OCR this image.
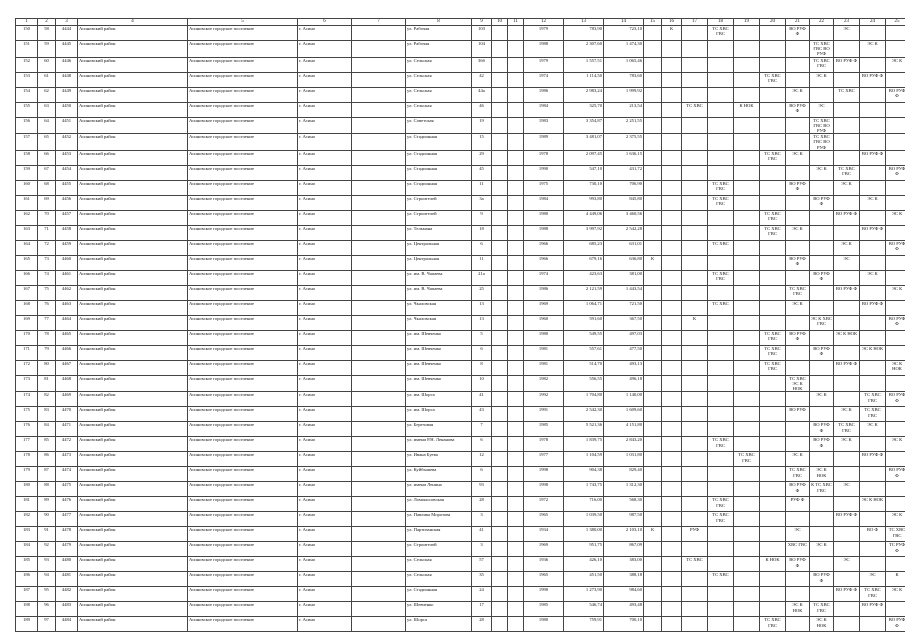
1	2	3	4	5	6	7	8	9	10	11	12	13	14	15	16	17	18	19	20	21	22	23	24	25
150	58	4444	Асиновский район	Асиновское городское поселение	г. Асино		ул. Рабочая	103			1979	783,90	723,10		К		ТС ХВС ГВС			ВО РУФ Ф		ЭС		
151	59	4445	Асиновский район	Асиновское городское поселение	г. Асино		ул. Рабочая	104			1988	2 307,60	1 474,30								ТС ХВС ГВС ВО РУФ		ЭС К	
152	60	4446	Асиновский район	Асиновское городское поселение	г. Асино		ул. Сельская	36б			1979	1 557,51	1 065,46								ТС ХВС ГВС	ВО РУФ Ф		ЭС К
153	61	4448	Асиновский район	Асиновское городское поселение	г. Асино		ул. Сельская	42			1974	1 114,50	783,60						ТС ХВС ГВС		ЭС К		ВО РУФ Ф	
154	62	4449	Асиновский район	Асиновское городское поселение	г. Асино		ул. Сельская	44а			1986	2 983,24	1 999,92							ЭС К		ТС ХВС		ВО РУФ Ф
155	63	4450	Асиновский район	Асиновское городское поселение	г. Асино		ул. Сельская	46			1984	325,70	213,54			ТС ХВС		К НОК		ВО РУФ Ф	ЭС			
156	64	4451	Асиновский район	Асиновское городское поселение	г. Асино		ул. Советская	19			1983	3 354,87	2 251,55								ТС ХВС ГВС ВО РУФ			
157	65	4452	Асиновский район	Асиновское городское поселение	г. Асино		ул. Стадионная	15			1989	3 481,07	2 375,55								ТС ХВС ГВС ВО РУФ			
158	66	4453	Асиновский район	Асиновское городское поселение	г. Асино		ул. Стадионная	29			1978	2 097,45	1 636,15						ТС ХВС ГВС	ЭС К			ВО РУФ Ф	
159	67	4454	Асиновский район	Асиновское городское поселение	г. Асино		ул. Стадионная	45			1990	547,10	431,72								ЭС К	ТС ХВС ГВС		ВО РУФ Ф
160	68	4455	Асиновский район	Асиновское городское поселение	г. Асино		ул. Стадионная	11			1975	730,10	706,90				ТС ХВС ГВС			ВО РУФ Ф		ЭС К		
161	69	4456	Асиновский район	Асиновское городское поселение	г. Асино		ул. Строителей	3а			1984	993,80	845,80				ТС ХВС ГВС				ВО РУФ Ф		ЭС К	
162	70	4457	Асиновский район	Асиновское городское поселение	г. Асино		ул. Строителей	9			1980	4 449,06	3 460,56						ТС ХВС ГВС			ВО РУФ Ф		ЭС К
163	71	4458	Асиновский район	Асиновское городское поселение	г. Асино		ул. Тельмана	18			1988	3 997,92	2 542,28						ТС ХВС ГВС	ЭС К			ВО РУФ Ф	
164	72	4459	Асиновский район	Асиновское городское поселение	г. Асино		ул. Центральная	6			1966	685,23	631,01				ТС ХВС					ЭС К		ВО РУФ Ф
165	73	4460	Асиновский район	Асиновское городское поселение	г. Асино		ул. Центральная	11			1966	679,16	636,80	К						ВО РУФ Ф		ЭС		
166	74	4461	Асиновский район	Асиновское городское поселение	г. Асино		ул. им. В. Чапаева	21а			1974	423,63	381,00				ТС ХВС ГВС				ВО РУФ Ф		ЭС К	
167	75	4462	Асиновский район	Асиновское городское поселение	г. Асино		ул. им. В. Чапаева	25			1986	2 121,59	1 443,54							ТС ХВС ГВС		ВО РУФ Ф		ЭС К
168	76	4463	Асиновский район	Асиновское городское поселение	г. Асино		ул. Чкаловская	13			1969	1 064,71	721,50				ТС ХВС			ЭС К			ВО РУФ Ф	
169	77	4464	Асиновский район	Асиновское городское поселение	г. Асино		ул. Чкаловская	13			1960	591,60	367,50			К					ЭС К ХВС ГВС			ВО РУФ Ф
170	78	4465	Асиновский район	Асиновское городское поселение	г. Асино		ул. им. Шевченко	5			1980	549,55	497,03						ТС ХВС ГВС	ВО РУФ Ф		ЭС К НОК		
171	79	4466	Асиновский район	Асиновское городское поселение	г. Асино		ул. им. Шевченко	6			1981	557,61	477,50						ТС ХВС ГВС		ВО РУФ Ф		ЭС К НОК	
172	80	4467	Асиновский район	Асиновское городское поселение	г. Асино		ул. им. Шевченко	8			1981	514,70	493,13						ТС ХВС ГВС			ВО РУФ Ф		ЭС К НОК
173	81	4468	Асиновский район	Асиновское городское поселение	г. Асино		ул. им. Шевченко	10			1982	556,55	496,18							ТС ХВС ЭС К НОК				
174	82	4469	Асиновский район	Асиновское городское поселение	г. Асино		ул. им. Шорса	41			1992	1 704,80	1 140,00								ЭС К		ТС ХВС ГВС	ВО РУФ Ф
175	83	4470	Асиновский район	Асиновское городское поселение	г. Асино		ул. им. Шорса	43			1991	2 542,30	1 609,60							ВО РУФ		ЭС К	ТС ХВС ГВС	
176	84	4471	Асиновский район	Асиновское городское поселение	г. Асино		ул. Березовая	7			1985	5 521,36	4 151,80								ВО РУФ Ф	ТС ХВС ГВС	ЭС К	
177	85	4472	Асиновский район	Асиновское городское поселение	г. Асино		ул. имени Р.Н. Ленанова	6			1978	1 839,75	2 843,20				ТС ХВС ГВС				ВО РУФ Ф	ЭС К		ЭС К
178	86	4473	Асиновский район	Асиновское городское поселение	г. Асино		ул. Ивана Буева	12			1977	1 104,59	1 031,80					ТС ХВС ГВС		ЭС К			ВО РУФ Ф	
179	87	4474	Асиновский район	Асиновское городское поселение	г. Асино		ул. Куйбышева	6			1998	904,38	829,40							ТС ХВС ГВС	ЭС К НОК			ВО РУФ Ф
180	88	4475	Асиновский район	Асиновское городское поселение	г. Асино		ул. имени Ленина	93			1998	1 743,75	1 312,30							ВО РУФ Ф	К ТС ХВС ГВС	ЭС		
181	89	4476	Асиновский район	Асиновское городское поселение	г. Асино		ул. Ломоносовская	28			1972	716,00	568,30				ТС ХВС ГВС			РУФ Ф			ЭС К НОК	
182	90	4477	Асиновский район	Асиновское городское поселение	г. Асино		ул. Павлика Морозова	3			1965	1 039,50	987,50				ТС ХВС ГВС					ВО РУФ Ф		ЭС К
183	91	4478	Асиновский район	Асиновское городское поселение	г. Асино		ул. Партизанская	41			1934	1 380,00	2 103,10	К		РУФ				ЭС			ВО Ф	ТС ХВС ГВС
184	92	4479	Асиновский район	Асиновское городское поселение	г. Асино		ул. Строителей	3			1969	951,75	867,09							ХВС ГВС	ЭС К			ТС РУФ Ф
185	93	4480	Асиновский район	Асиновское городское поселение	г. Асино		ул. Сельская	57			1936	426,10	383,00			ТС ХВС			К НОК	ВО РУФ Ф		ЭС		
186	94	4481	Асиновский район	Асиновское городское поселение	г. Асино		ул. Сельская	35			1965	451,50	388,18				ТС ХВС				ВО РУФ Ф		ЭС	К
187	95	4482	Асиновский район	Асиновское городское поселение	г. Асино		ул. Стадионная	24			1990	1 273,90	984,60									ВО РУФ Ф	ТС ХВС ГВС	ЭС К
188	96	4483	Асиновский район	Асиновское городское поселение	г. Асино		ул. Шевченко	17			1985	546,74	493,48							ЭС К НОК	ТС ХВС ГВС		ВО РУФ Ф	
189	97	4484	Асиновский район	Асиновское городское поселение	г. Асино		ул. Шорса	28			1980	759,91	700,10						ТС ХВС ГВС		ЭС К НОК			ВО РУФ Ф
